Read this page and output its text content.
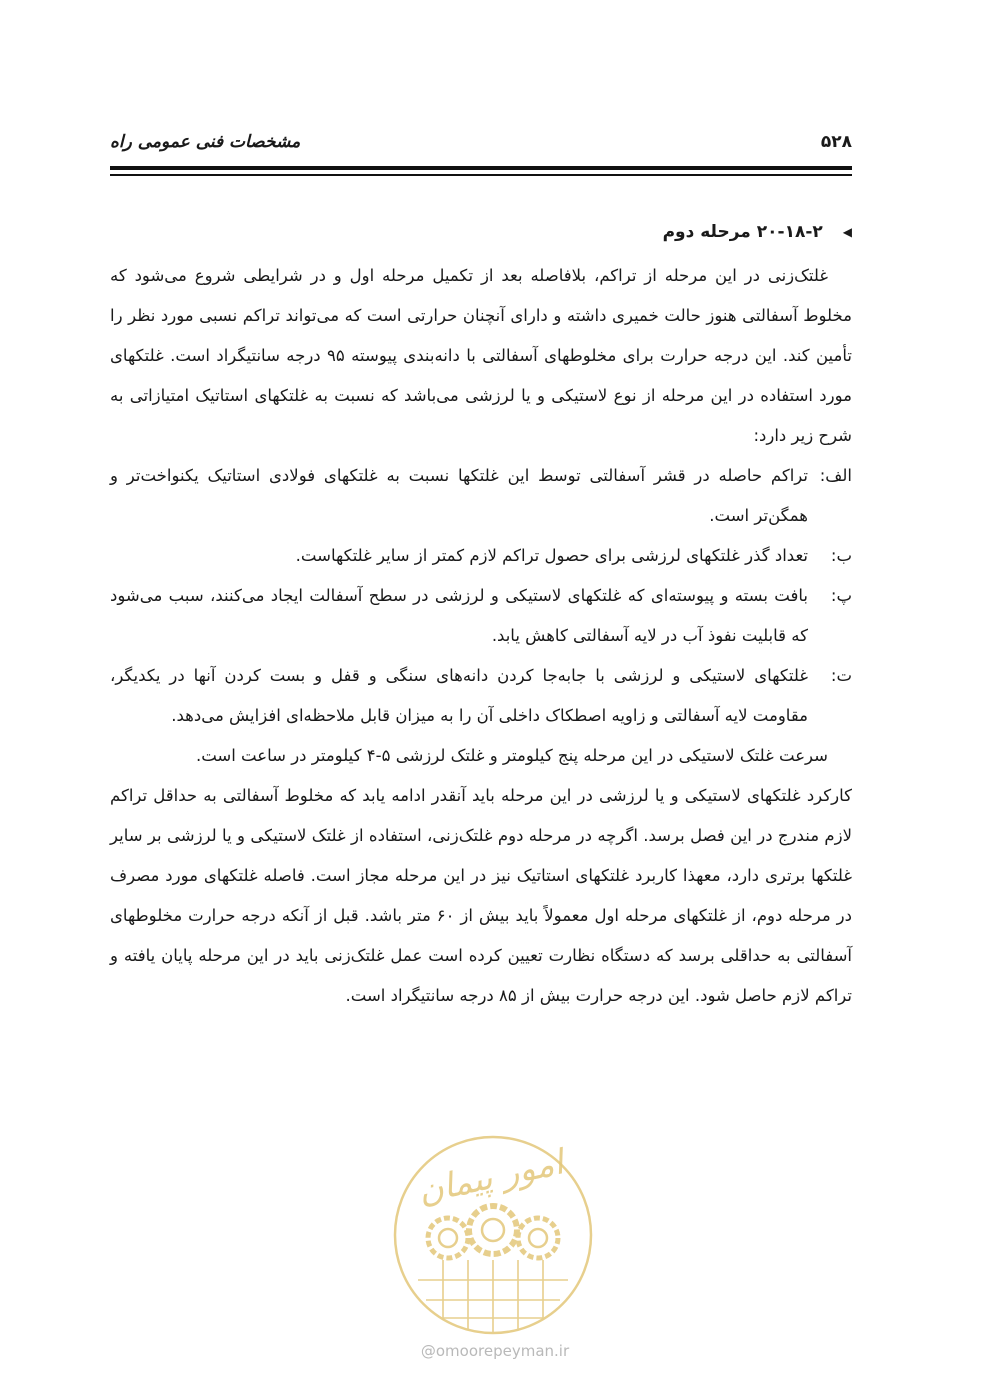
مشخصات فنی عمومی راه	۵۲۸
◀۲۰-۱۸-۲ مرحله دوم

غلتک‌زنی در این مرحله از تراکم، بلافاصله بعد از تکمیل مرحله اول و در شرایطی شروع می‌شود که مخلوط آسفالتی هنوز حالت خمیری داشته و دارای آنچنان حرارتی است که می‌تواند تراکم نسبی مورد نظر را تأمین کند. این درجه حرارت برای مخلوطهای آسفالتی با دانه‌بندی پیوسته ۹۵ درجه سانتیگراد است. غلتکهای مورد استفاده در این مرحله از نوع لاستیکی و یا لرزشی می‌باشد که نسبت به غلتکهای استاتیک امتیازاتی به شرح زیر دارد:

الف:
تراکم حاصله در قشر آسفالتی توسط این غلتکها نسبت به غلتکهای فولادی استاتیک یکنواخت‌تر و همگن‌تر است.
ب:
تعداد گذر غلتکهای لرزشی برای حصول تراکم لازم کمتر از سایر غلتکهاست.
پ:
بافت بسته و پیوسته‌ای که غلتکهای لاستیکی و لرزشی در سطح آسفالت ایجاد می‌کنند، سبب می‌شود که قابلیت نفوذ آب در لایه آسفالتی کاهش یابد.
ت:
غلتکهای لاستیکی و لرزشی با جابه‌جا کردن دانه‌های سنگی و قفل و بست کردن آنها در یکدیگر، مقاومت لایه آسفالتی و زاویه اصطکاک داخلی آن را به میزان قابل ملاحظه‌ای افزایش می‌دهد.

سرعت غلتک لاستیکی در این مرحله پنج کیلومتر و غلتک لرزشی ۵-۴ کیلومتر در ساعت است.

کارکرد غلتکهای لاستیکی و یا لرزشی در این مرحله باید آنقدر ادامه یابد که مخلوط آسفالتی به حداقل تراکم لازم مندرج در این فصل برسد. اگرچه در مرحله دوم غلتک‌زنی، استفاده از غلتک لاستیکی و یا لرزشی بر سایر غلتکها برتری دارد، معهذا کاربرد غلتکهای استاتیک نیز در این مرحله مجاز است. فاصله غلتکهای مورد مصرف در مرحله دوم، از غلتکهای مرحله اول معمولاً باید بیش از ۶۰ متر باشد. قبل از آنکه درجه حرارت مخلوطهای آسفالتی به حداقلی برسد که دستگاه نظارت تعیین کرده است عمل غلتک‌زنی باید در این مرحله پایان یافته و تراکم لازم حاصل شود. این درجه حرارت بیش از ۸۵ درجه سانتیگراد است.

امور پیمان
@omoorepeyman.ir
